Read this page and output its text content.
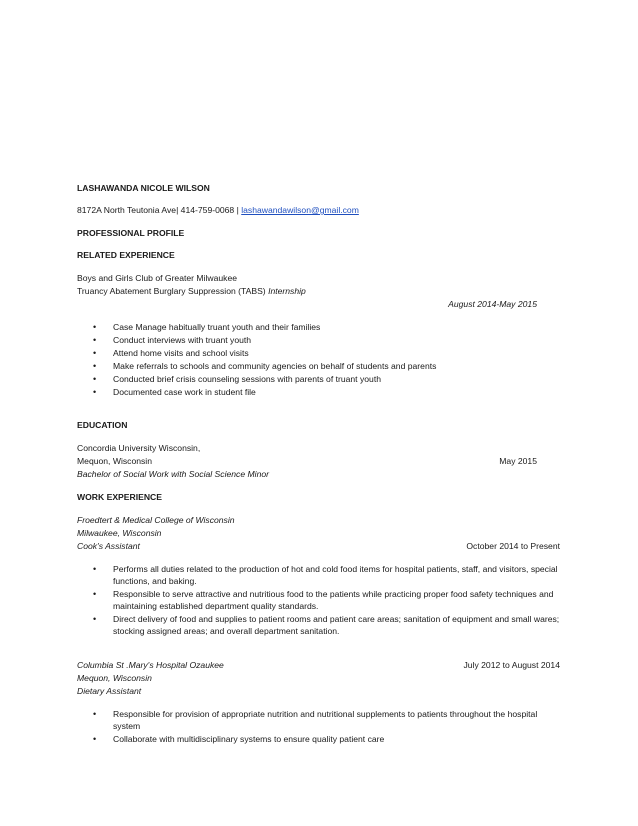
LASHAWANDA NICOLE WILSON
8172A North Teutonia Ave| 414-759-0068 | lashawandawilson@gmail.com
PROFESSIONAL PROFILE
RELATED EXPERIENCE
Boys and Girls Club of Greater Milwaukee
Truancy Abatement Burglary Suppression (TABS) Internship
August 2014-May 2015
• Case Manage habitually truant youth and their families
• Conduct interviews with truant youth
• Attend home visits and school visits
• Make referrals to schools and community agencies on behalf of students and parents
• Conducted brief crisis counseling sessions with parents of truant youth
• Documented case work in student file
EDUCATION
Concordia University Wisconsin,
Mequon, Wisconsin	May 2015
Bachelor of Social Work with Social Science Minor
WORK EXPERIENCE
Froedtert & Medical College of Wisconsin
Milwaukee, Wisconsin
Cook's Assistant	October 2014 to Present
• Performs all duties related to the production of hot and cold food items for hospital patients, staff, and visitors, special
functions, and baking.
• Responsible to serve attractive and nutritious food to the patients while practicing proper food safety techniques and
maintaining established department quality standards.
• Direct delivery of food and supplies to patient rooms and patient care areas; sanitation of equipment and small wares;
stocking assigned areas; and overall department sanitation.
Columbia St .Mary's Hospital Ozaukee	July 2012 to August 2014
Mequon, Wisconsin
Dietary Assistant
• Responsible for provision of appropriate nutrition and nutritional supplements to patients throughout the hospital
system
• Collaborate with multidisciplinary systems to ensure quality patient care
